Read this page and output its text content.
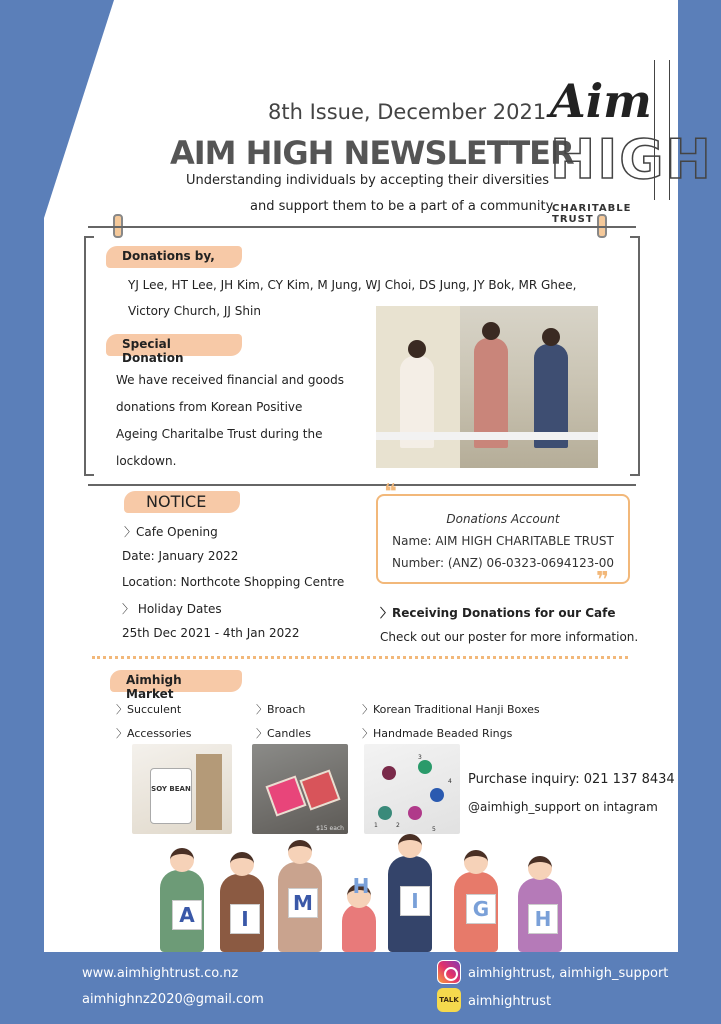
8th Issue, December 2021
AIM HIGH NEWSLETTER
Understanding individuals by accepting their diversities
and support them to be a part of a community
Aim
HIGH
CHARITABLE TRUST
Donations by,
YJ Lee, HT Lee, JH Kim, CY Kim, M Jung, WJ Choi, DS Jung, JY Bok, MR Ghee,
Victory Church, JJ Shin
Special Donation
We have received financial and goods
donations from Korean Positive
Ageing Charitalbe Trust during the
lockdown.
NOTICE
〉Cafe Opening
Date: January 2022
Location: Northcote Shopping Centre
〉 Holiday Dates
25th Dec 2021 - 4th Jan 2022
Donations Account
Name: AIM HIGH CHARITABLE TRUST
Number: (ANZ) 06-0323-0694123-00
❝
❞
〉Receiving Donations for our Cafe
Check out our poster for more information.
Aimhigh Market
〉Succulent	〉Broach	〉Korean Traditional Hanji Boxes
〉Accessories	〉Candles	〉Handmade Beaded Rings
SOY BEAN
$15 each	1	2
3
4
5
Purchase inquiry: 021 137 8434
@aimhigh_support on intagram
A	I
M
H
I	G	H
www.aimhightrust.co.nz
aimhighnz2020@gmail.com
aimhightrust, aimhigh_support
TALK aimhightrust
